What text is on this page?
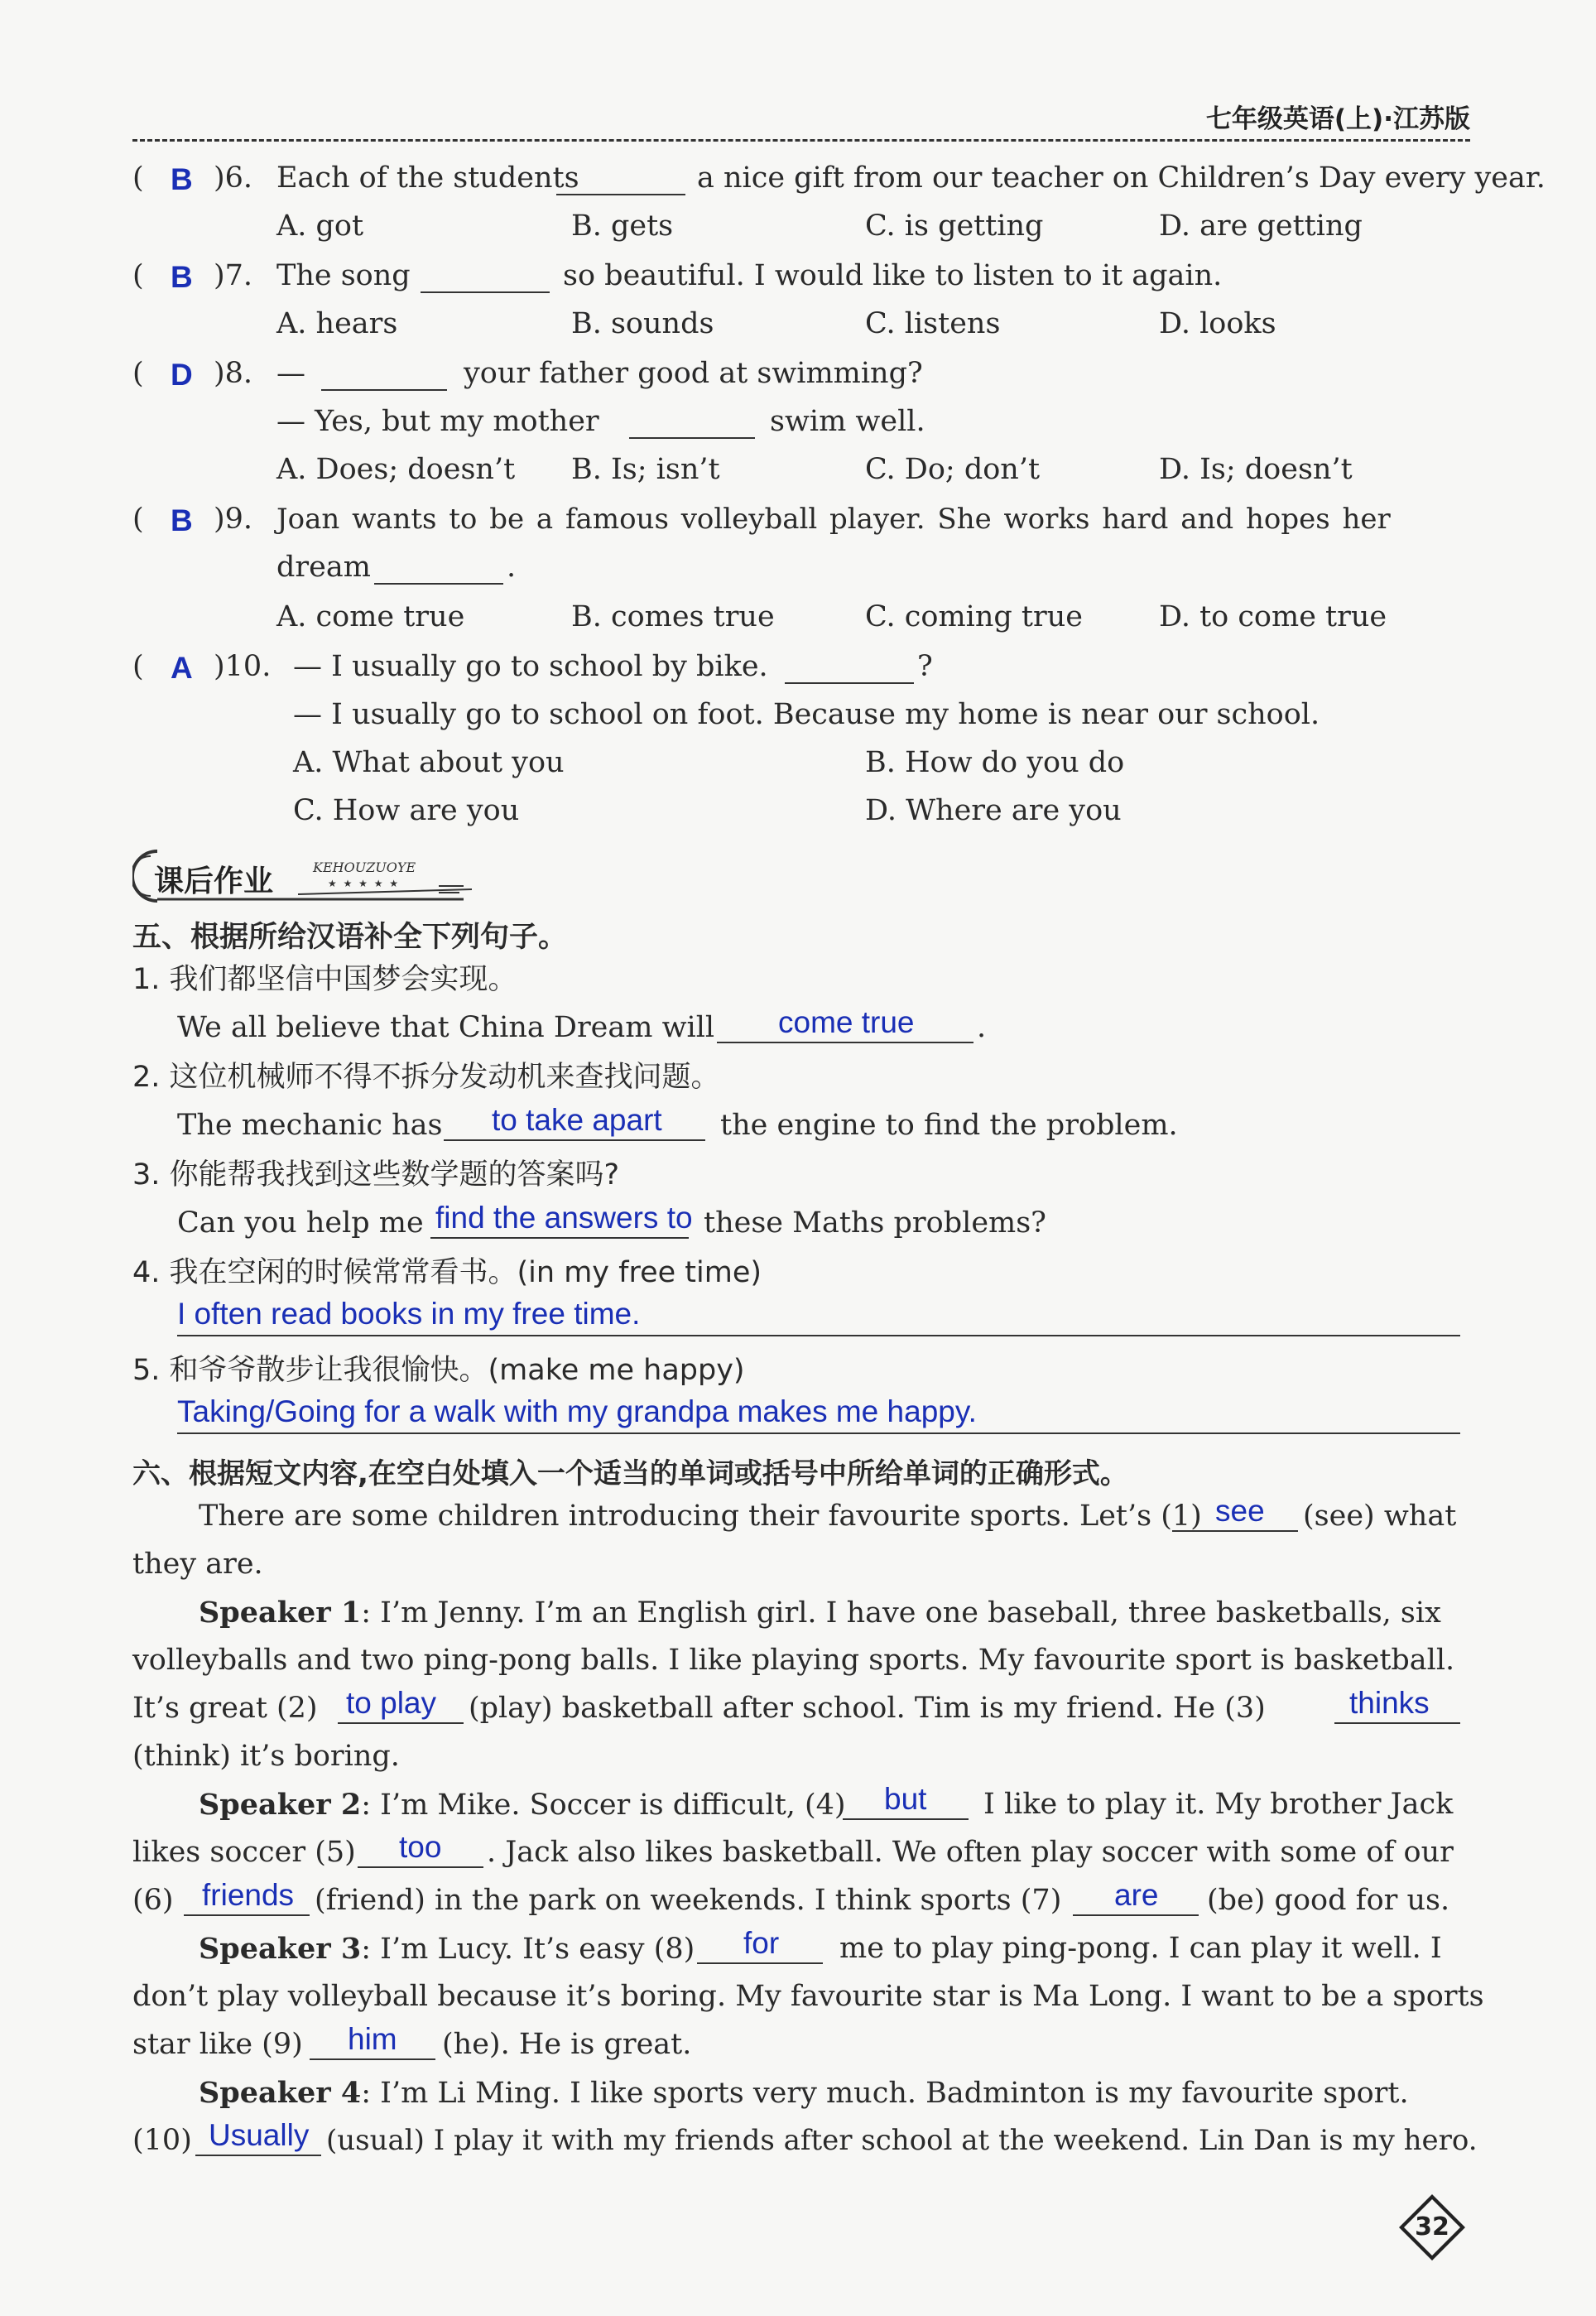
七年级英语(上)·江苏版
( B )6. Each of the students	a nice gift from our teacher on Children’s Day every year.
A. got	B. gets	C. is getting	D. are getting
( B )7. The song	so beautiful. I would like to listen to it again.
A. hears	B. sounds	C. listens	D. looks
( D )8. —	your father good at swimming?
— Yes, but my mother	swim well.
A. Does; doesn’t B. Is; isn’t	C. Do; don’t	D. Is; doesn’t
( B )9. Joan wants to be a famous volleyball player. She works hard and hopes her
dream	.
A. come true	B. comes true	C. coming true	D. to come true
( A )10. — I usually go to school by bike.	?
— I usually go to school on foot. Because my home is near our school.
A. What about you	B. How do you do
C. How are you	D. Where are you
课后作业	KEHOUZUOYE
★ ★ ★ ★ ★
五、根据所给汉语补全下列句子。
1. 我们都坚信中国梦会实现。
We all believe that China Dream will come true .
2. 这位机械师不得不拆分发动机来查找问题。
The mechanic has to take apart the engine to find the problem.
3. 你能帮我找到这些数学题的答案吗?
Can you help me find the answers to these Maths problems?
4. 我在空闲的时候常常看书。(in my free time)
I often read books in my free time.
5. 和爷爷散步让我很愉快。(make me happy)
Taking/Going for a walk with my grandpa makes me happy.
六、根据短文内容,在空白处填入一个适当的单词或括号中所给单词的正确形式。
There are some children introducing their favourite sports. Let’s (1) see (see) what
they are.
Speaker 1: I’m Jenny. I’m an English girl. I have one baseball, three basketballs, six
volleyballs and two ping-pong balls. I like playing sports. My favourite sport is basketball.
It’s great (2) to play (play) basketball after school. Tim is my friend. He (3)	thinks
(think) it’s boring.
Speaker 2: I’m Mike. Soccer is difficult, (4) but I like to play it. My brother Jack
likes soccer (5) too . Jack also likes basketball. We often play soccer with some of our
(6) friends (friend) in the park on weekends. I think sports (7) are (be) good for us.
Speaker 3: I’m Lucy. It’s easy (8) for me to play ping-pong. I can play it well. I
don’t play volleyball because it’s boring. My favourite star is Ma Long. I want to be a sports
star like (9) him (he). He is great.
Speaker 4: I’m Li Ming. I like sports very much. Badminton is my favourite sport.
(10) Usually (usual) I play it with my friends after school at the weekend. Lin Dan is my hero.
32
